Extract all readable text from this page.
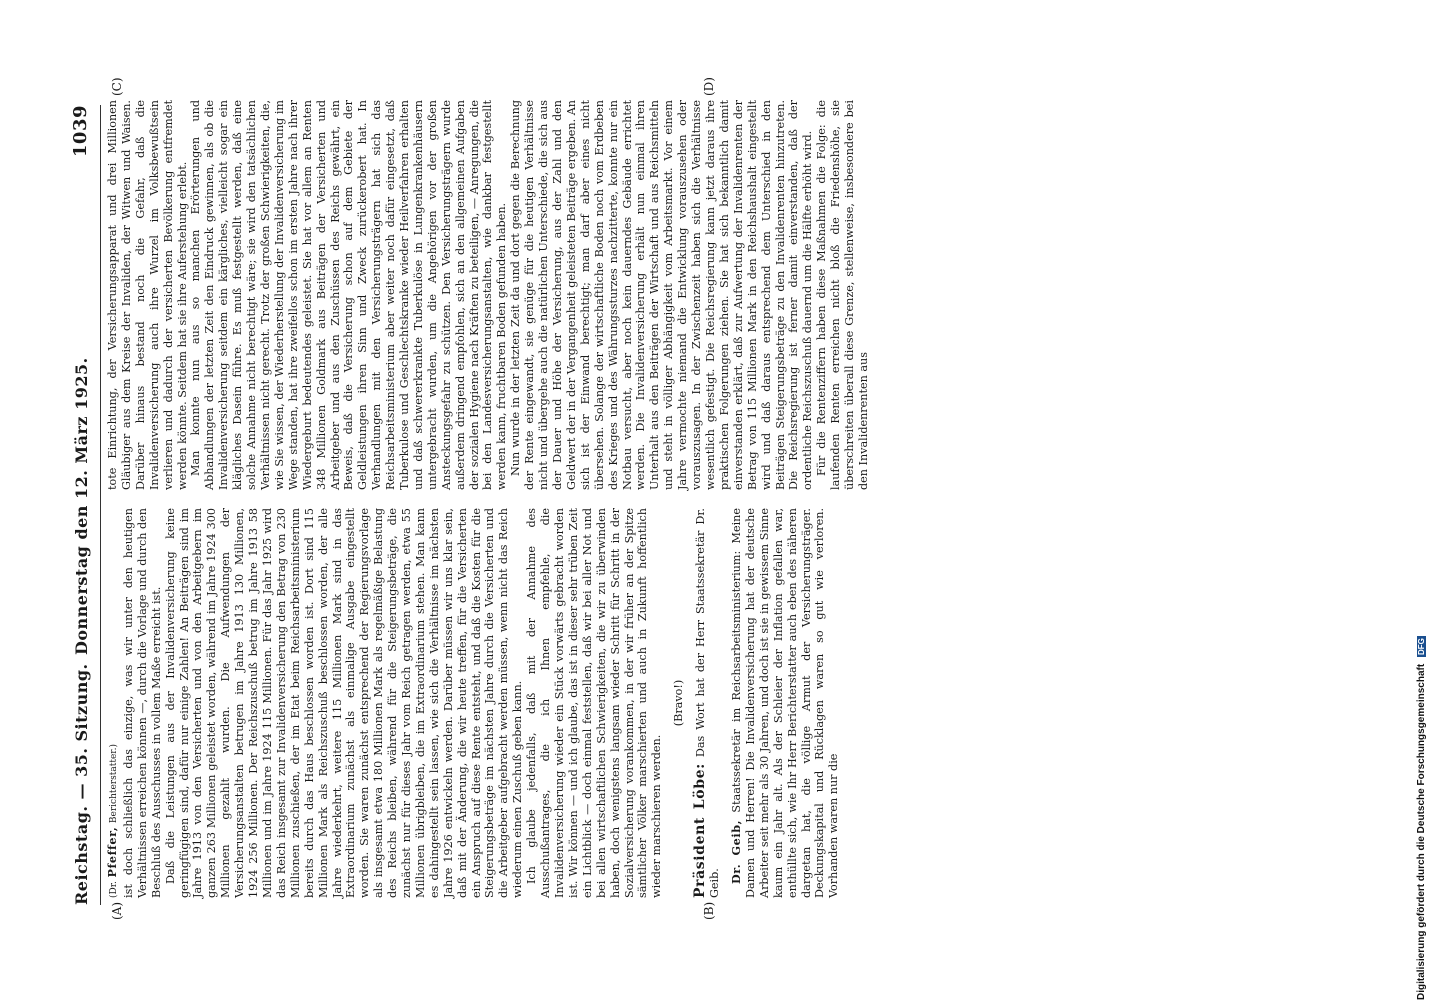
Reichstag. — 35. Sitzung.
Donnerstag den 12. März 1925.
1039
(A)	(B)
(C)	(D)

(Dr. Pfeffer, Berichterstatter.) ist doch schließlich das einzige, was wir unter den heutigen Verhältnissen erreichen können —, durch die Vorlage und durch den Beschluß des Ausschusses in vollem Maße erreicht ist. Daß die Leistungen aus der Invalidenversicherung keine geringfügigen sind, dafür nur einige Zahlen! An Beiträgen sind im Jahre 1913 von den Versicherten und von den Arbeitgebern im ganzen 263 Millionen geleistet worden, während im Jahre 1924 300 Millionen gezahlt wurden. Die Aufwendungen der Versicherungsanstalten betrugen im Jahre 1913 130 Millionen, 1924 256 Millionen. Der Reichszuschuß betrug im Jahre 1913 58 Millionen und im Jahre 1924 115 Millionen. Für das Jahr 1925 wird das Reich insgesamt zur Invalidenversicherung den Betrag von 230 Millionen zuschießen, der im Etat beim Reichsarbeitsministerium bereits durch das Haus beschlossen worden ist. Dort sind 115 Millionen Mark als Reichszuschuß beschlossen worden, der alle Jahre wiederkehrt, weitere 115 Millionen Mark sind in das Extraordinarium zunächst als einmalige Ausgabe eingestellt worden. Sie waren zunächst entsprechend der Regierungsvorlage als insgesamt etwa 180 Millionen Mark als regelmäßige Belastung des Reichs bleiben, während für die Steigerungsbeträge, die zunächst nur für dieses Jahr vom Reich getragen werden, etwa 55 Millionen übrigbleiben, die im Extraordinarium stehen. Man kann es dahingestellt sein lassen, wie sich die Verhältnisse im nächsten Jahre 1926 entwickeln werden. Darüber müssen wir uns klar sein, daß mit der Änderung, die wir heute treffen, für die Versicherten ein Anspruch auf diese Rente entsteht, und daß die Kosten für die Steigerungsbeträge im nächsten Jahre durch die Versicherten und die Arbeitgeber aufgebracht werden müssen, wenn nicht das Reich wiederum einen Zuschuß geben kann. Ich glaube jedenfalls, daß mit der Annahme des Ausschußantrages, die ich Ihnen empfehle, die Invalidenversicherung wieder ein Stück vorwärts gebracht worden ist. Wir können — und ich glaube, das ist in dieser sehr trüben Zeit ein Lichtblick — doch einmal feststellen, daß wir bei aller Not und bei allen wirtschaftlichen Schwierigkeiten, die wir zu überwinden haben, doch wenigstens langsam wieder Schritt für Schritt in der Sozialversicherung vorankommen, in der wir früher an der Spitze sämtlicher Völker marschierten und auch in Zukunft hoffentlich wieder marschieren werden.

(Bravo!)

Präsident Löbe: Das Wort hat der Herr Staatssekretär Dr. Geib. Dr. Geib, Staatssekretär im Reichsarbeitsministerium: Meine Damen und Herren! Die Invalidenversicherung hat der deutsche Arbeiter seit mehr als 30 Jahren, und doch ist sie in gewissem Sinne kaum ein Jahr alt. Als der Schleier der Inflation gefallen war, enthüllte sich, wie Ihr Herr Berichterstatter auch eben des näheren dargetan hat, die völlige Armut der Versicherungsträger. Deckungskapital und Rücklagen waren so gut wie verloren. Vorhanden waren nur die

tote Einrichtung, der Versicherungsapparat und drei Millionen Gläubiger aus dem Kreise der Invaliden, der Witwen und Waisen. Darüber hinaus bestand noch die Gefahr, daß die Invalidenversicherung auch ihre Wurzel im Volksbewußtsein verlieren und dadurch der versicherten Bevölkerung entfremdet werden könnte. Seitdem hat sie ihre Auferstehung erlebt. Man konnte nun aus so manchen Erörterungen und Abhandlungen der letzten Zeit den Eindruck gewinnen, als ob die Invalidenversicherung seitdem ein kärgliches, vielleicht sogar ein klägliches Dasein führe. Es muß festgestellt werden, daß eine solche Annahme nicht berechtigt wäre; sie wird den tatsächlichen Verhältnissen nicht gerecht. Trotz der großen Schwierigkeiten, die, wie Sie wissen, der Wiederherstellung der Invalidenversicherung im Wege standen, hat ihre zweifellos schon im ersten Jahre nach ihrer Wiedergeburt bedeutendes geleistet. Sie hat vor allem an Renten 348 Millionen Goldmark aus Beiträgen der Versicherten und Arbeitgeber und aus den Zuschüssen des Reichs gewährt, ein Beweis, daß die Versicherung schon auf dem Gebiete der Geldleistungen ihren Sinn und Zweck zurückerobert hat. In Verhandlungen mit den Versicherungsträgern hat sich das Reichsarbeitsministerium aber weiter noch dafür eingesetzt, daß Tuberkulose und Geschlechtskranke wieder Heilverfahren erhalten und daß schwererkrankte Tuberkulöse in Lungenkrankenhäusern untergebracht wurden, um die Angehörigen vor der großen Ansteckungsgefahr zu schützen. Den Versicherungsträgern wurde außerdem dringend empfohlen, sich an den allgemeinen Aufgaben der sozialen Hygiene nach Kräften zu beteiligen, — Anregungen, die bei den Landesversicherungsanstalten, wie dankbar festgestellt werden kann, fruchtbaren Boden gefunden haben. Nun wurde in der letzten Zeit da und dort gegen die Berechnung der Rente eingewandt, sie genüge für die heutigen Verhältnisse nicht und übergehe auch die natürlichen Unterschiede, die sich aus der Dauer und Höhe der Versicherung, aus der Zahl und den Geldwert der in der Vergangenheit geleisteten Beiträge ergeben. An sich ist der Einwand berechtigt; man darf aber eines nicht übersehen. Solange der wirtschaftliche Boden noch vom Erdbeben des Krieges und des Währungssturzes nachzitterte, konnte nur ein Notbau versucht, aber noch kein dauerndes Gebäude errichtet werden. Die Invalidenversicherung erhält nun einmal ihren Unterhalt aus den Beiträgen der Wirtschaft und aus Reichsmitteln und steht in völliger Abhängigkeit vom Arbeitsmarkt. Vor einem Jahre vermochte niemand die Entwicklung vorauszusehen oder vorauszusagen. In der Zwischenzeit haben sich die Verhältnisse wesentlich gefestigt. Die Reichsregierung kann jetzt daraus ihre praktischen Folgerungen ziehen. Sie hat sich bekanntlich damit einverstanden erklärt, daß zur Aufwertung der Invalidenrenten der Betrag von 115 Millionen Mark in den Reichshaushalt eingestellt wird und daß daraus entsprechend dem Unterschied in den Beiträgen Steigerungsbeträge zu den Invalidenrenten hinzutreten. Die Reichsregierung ist ferner damit einverstanden, daß der ordentliche Reichszuschuß dauernd um die Hälfte erhöht wird. Für die Rentenziffern haben diese Maßnahmen die Folge: die laufenden Renten erreichen nicht bloß die Friedenshöhe, sie überschreiten überall diese Grenze, stellenweise, insbesondere bei den Invalidenrenten aus

Digitalisierung gefördert durch die Deutsche Forschungsgemeinschaft DFG
